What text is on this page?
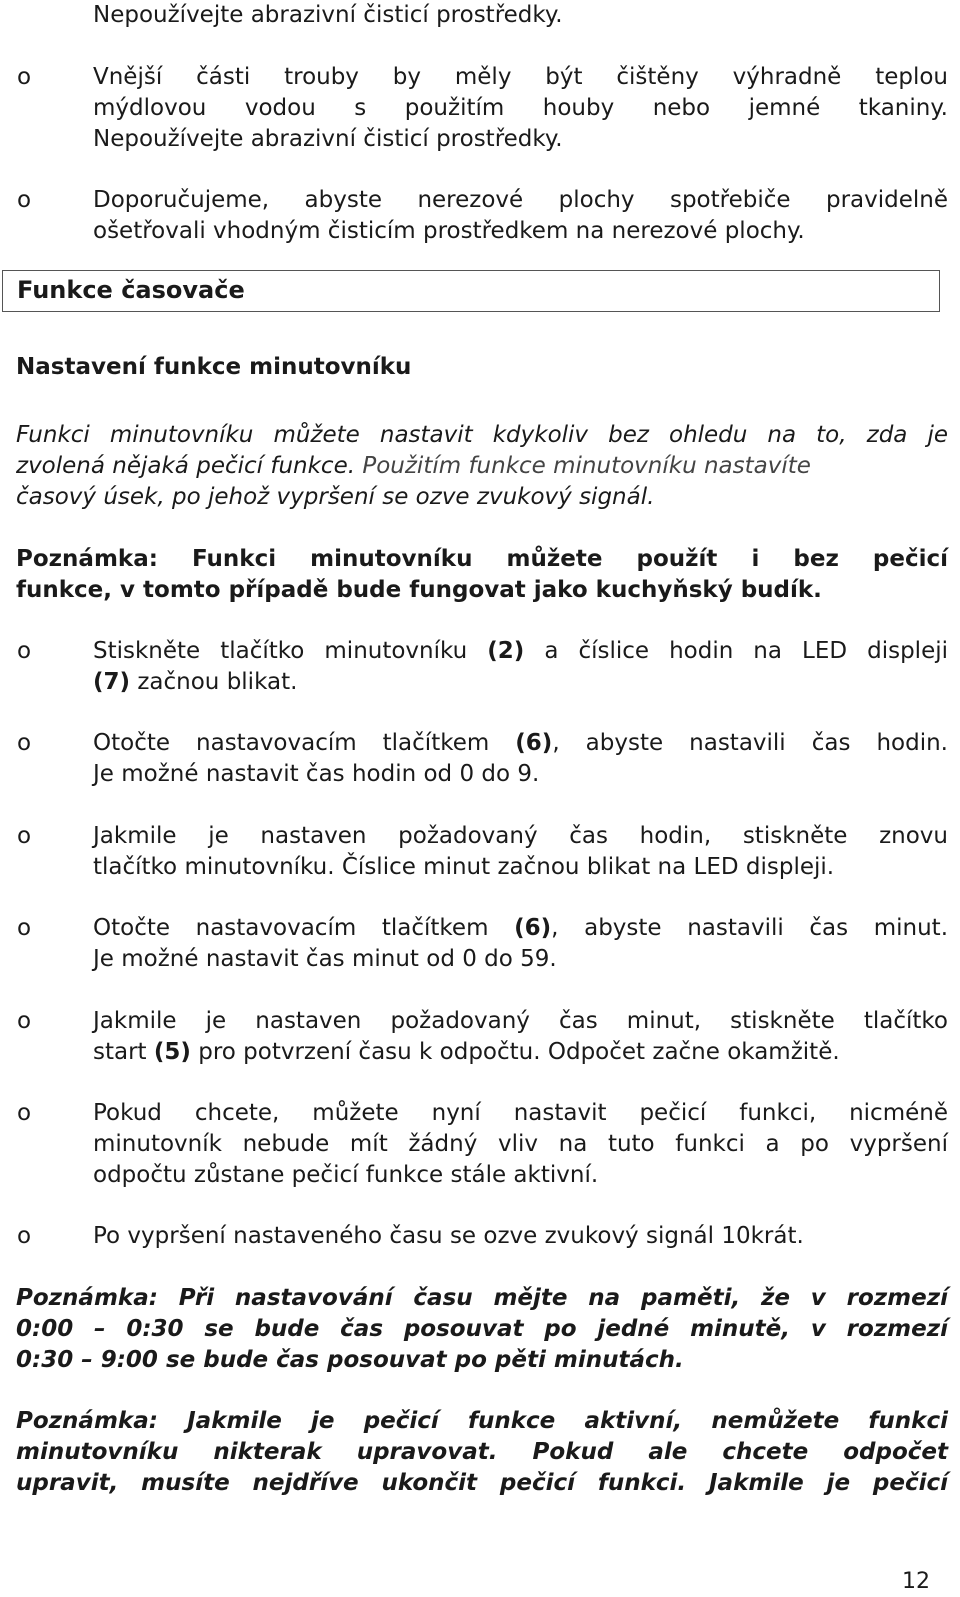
Nepoužívejte abrazivní čisticí prostředky.
o	Vnější části trouby by měly být čištěny výhradně teplou
mýdlovou vodou s použitím houby nebo jemné tkaniny.
Nepoužívejte abrazivní čisticí prostředky.
o	Doporučujeme, abyste nerezové plochy spotřebiče pravidelně
ošetřovali vhodným čisticím prostředkem na nerezové plochy.
Funkce časovače
Nastavení funkce minutovníku
Funkci minutovníku můžete nastavit kdykoliv bez ohledu na to, zda je
zvolená nějaká pečicí funkce. Použitím funkce minutovníku nastavíte
časový úsek, po jehož vypršení se ozve zvukový signál.
Poznámka: Funkci minutovníku můžete použít i bez pečicí
funkce, v tomto případě bude fungovat jako kuchyňský budík.
o	Stiskněte tlačítko minutovníku (2) a číslice hodin na LED displeji
(7) začnou blikat.
o	Otočte nastavovacím tlačítkem (6), abyste nastavili čas hodin.
Je možné nastavit čas hodin od 0 do 9.
o	Jakmile je nastaven požadovaný čas hodin, stiskněte znovu
tlačítko minutovníku. Číslice minut začnou blikat na LED displeji.
o	Otočte nastavovacím tlačítkem (6), abyste nastavili čas minut.
Je možné nastavit čas minut od 0 do 59.
o	Jakmile je nastaven požadovaný čas minut, stiskněte tlačítko
start (5) pro potvrzení času k odpočtu. Odpočet začne okamžitě.
o	Pokud chcete, můžete nyní nastavit pečicí funkci, nicméně
minutovník nebude mít žádný vliv na tuto funkci a po vypršení
odpočtu zůstane pečicí funkce stále aktivní.
o	Po vypršení nastaveného času se ozve zvukový signál 10krát.
Poznámka: Při nastavování času mějte na paměti, že v rozmezí
0:00 – 0:30 se bude čas posouvat po jedné minutě, v rozmezí
0:30 – 9:00 se bude čas posouvat po pěti minutách.
Poznámka: Jakmile je pečicí funkce aktivní, nemůžete funkci
minutovníku nikterak upravovat. Pokud ale chcete odpočet
upravit, musíte nejdříve ukončit pečicí funkci. Jakmile je pečicí
12
